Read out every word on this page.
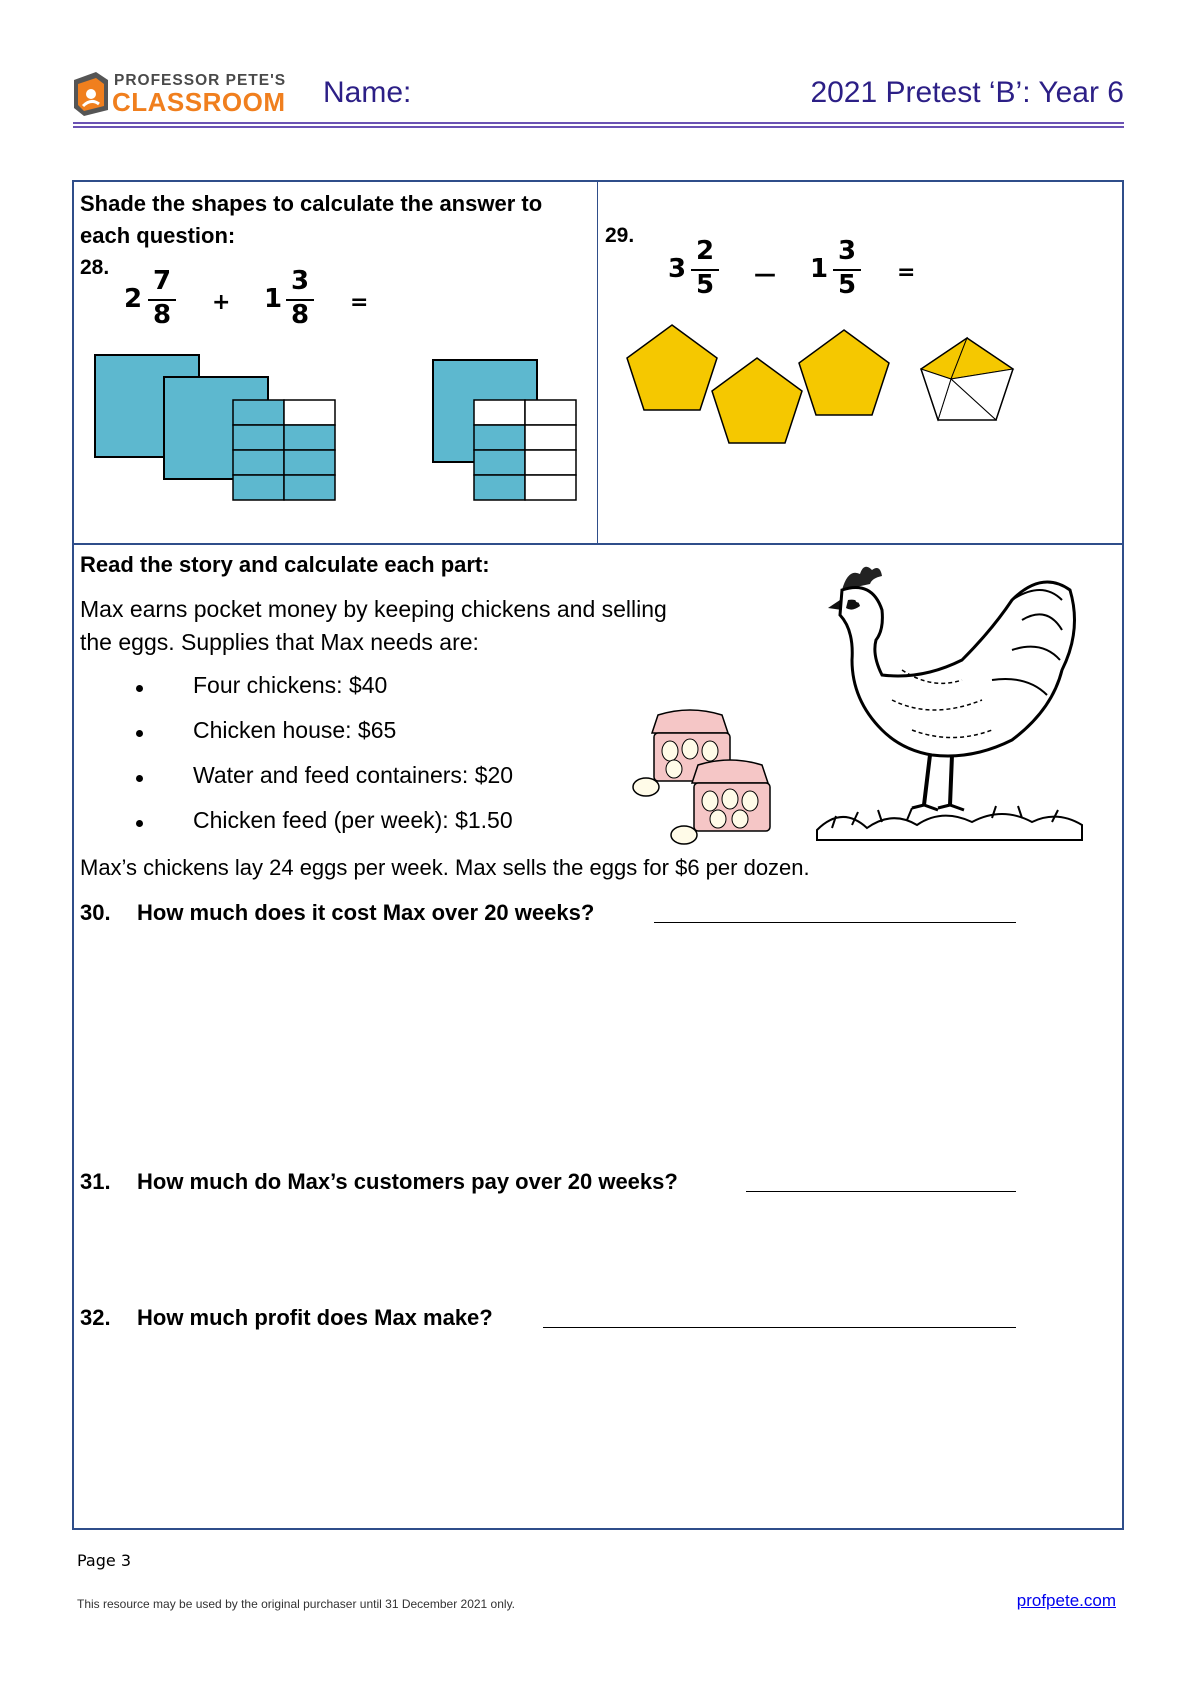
PROFESSOR PETE'S
CLASSROOM Name:	2021 Pretest ‘B’: Year 6
Shade the shapes to calculate the answer to each question:
28.
2
7
8 + 1
3
8 =
29.
3
2
5 — 1
3
5 =
Read the story and calculate each part:
Max earns pocket money by keeping chickens and selling
the eggs. Supplies that Max needs are:
Four chickens: $40
Chicken house: $65
Water and feed containers: $20
Chicken feed (per week): $1.50
Max’s chickens lay 24 eggs per week. Max sells the eggs for $6 per dozen.
30. How much does it cost Max over 20 weeks?
31. How much do Max’s customers pay over 20 weeks?
32. How much profit does Max make?
Page 3
This resource may be used by the original purchaser until 31 December 2021 only.	profpete.com
